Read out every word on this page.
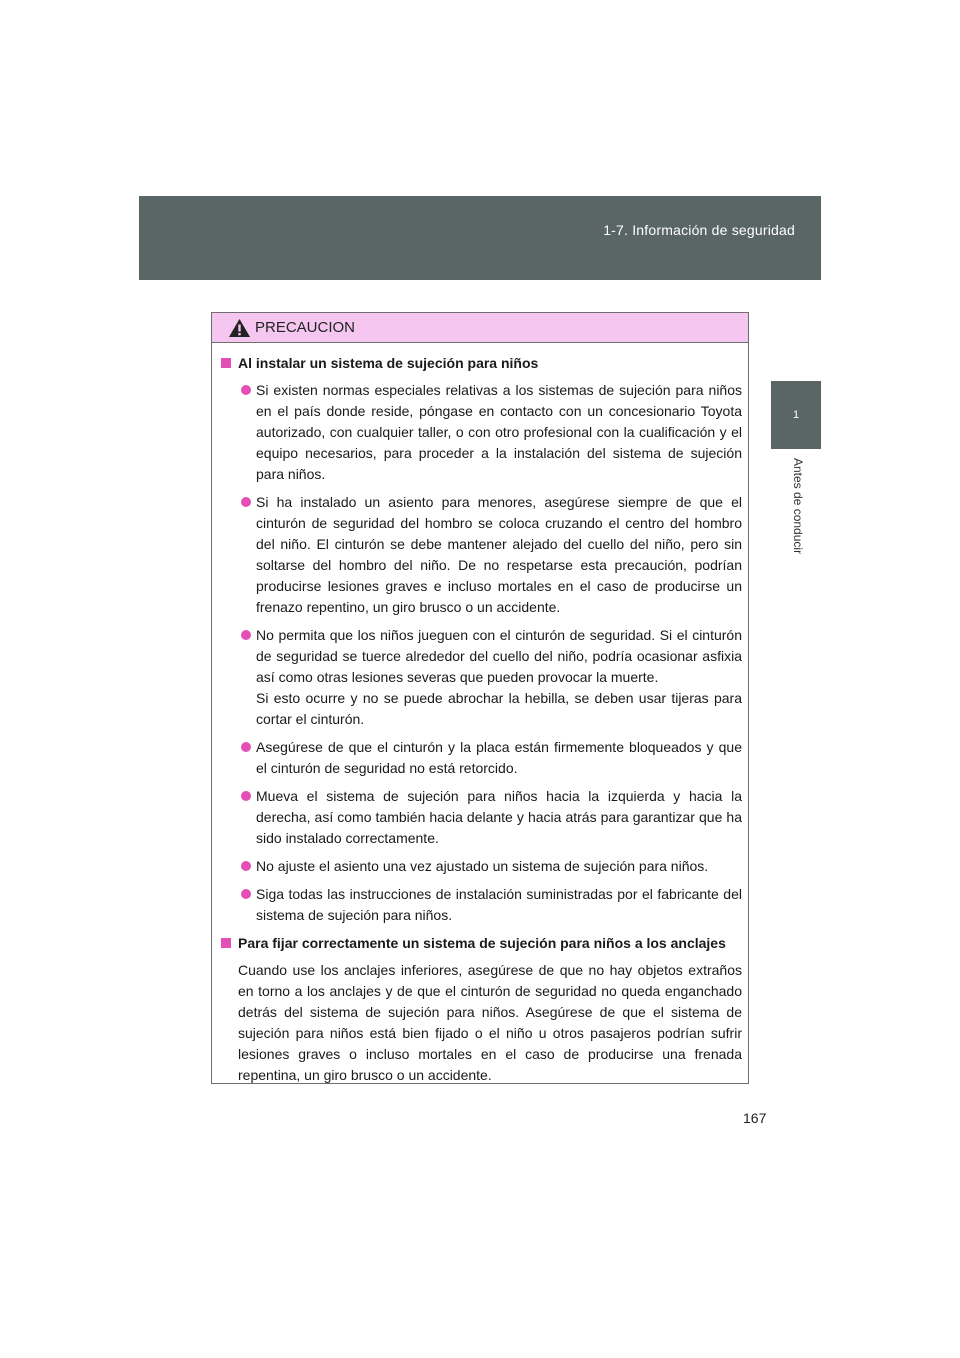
1-7. Información de seguridad
1
Antes de conducir
PRECAUCION
Al instalar un sistema de sujeción para niños
Si existen normas especiales relativas a los sistemas de sujeción para niños en el país donde reside, póngase en contacto con un concesionario Toyota autorizado, con cualquier taller, o con otro profesional con la cualificación y el equipo necesarios, para proceder a la instalación del sistema de sujeción para niños.
Si ha instalado un asiento para menores, asegúrese siempre de que el cinturón de seguridad del hombro se coloca cruzando el centro del hombro del niño. El cinturón se debe mantener alejado del cuello del niño, pero sin soltarse del hombro del niño. De no respetarse esta precaución, podrían producirse lesiones graves e incluso mortales en el caso de producirse un frenazo repentino, un giro brusco o un accidente.

No permita que los niños jueguen con el cinturón de seguridad. Si el cinturón de seguridad se tuerce alrededor del cuello del niño, podría ocasionar asfixia así como otras lesiones severas que pueden provocar la muerte.

Si esto ocurre y no se puede abrochar la hebilla, se deben usar tijeras para cortar el cinturón.

Asegúrese de que el cinturón y la placa están firmemente bloqueados y que el cinturón de seguridad no está retorcido.
Mueva el sistema de sujeción para niños hacia la izquierda y hacia la derecha, así como también hacia delante y hacia atrás para garantizar que ha sido instalado correctamente.
No ajuste el asiento una vez ajustado un sistema de sujeción para niños.
Siga todas las instrucciones de instalación suministradas por el fabricante del sistema de sujeción para niños.
Para fijar correctamente un sistema de sujeción para niños a los anclajes
Cuando use los anclajes inferiores, asegúrese de que no hay objetos extraños en torno a los anclajes y de que el cinturón de seguridad no queda enganchado detrás del sistema de sujeción para niños. Asegúrese de que el sistema de sujeción para niños está bien fijado o el niño u otros pasajeros podrían sufrir lesiones graves o incluso mortales en el caso de producirse una frenada repentina, un giro brusco o un accidente.
167
